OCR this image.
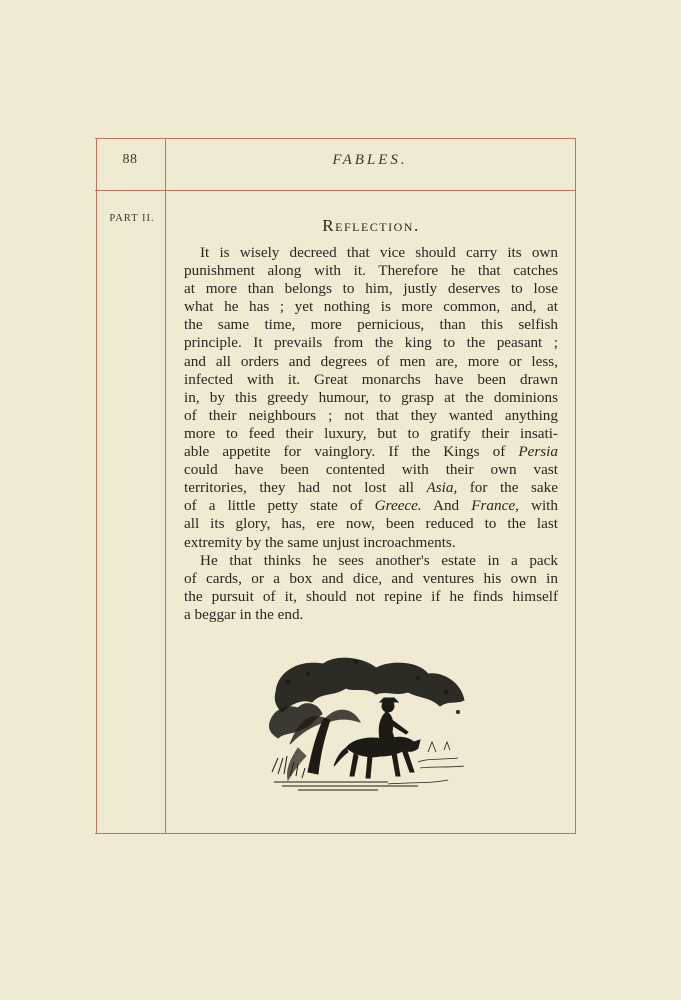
88	FABLES.
PART II.	Reflection.
It is wisely decreed that vice should carry its own
punishment along with it. Therefore he that catches
at more than belongs to him, justly deserves to lose
what he has ; yet nothing is more common, and, at
the same time, more pernicious, than this selfish
principle. It prevails from the king to the peasant ;
and all orders and degrees of men are, more or less,
infected with it. Great monarchs have been drawn
in, by this greedy humour, to grasp at the dominions
of their neighbours ; not that they wanted anything
more to feed their luxury, but to gratify their insati-
able appetite for vainglory. If the Kings of Persia
could have been contented with their own vast
territories, they had not lost all Asia, for the sake
of a little petty state of Greece. And France, with
all its glory, has, ere now, been reduced to the last
extremity by the same unjust incroachments.
He that thinks he sees another's estate in a pack
of cards, or a box and dice, and ventures his own in
the pursuit of it, should not repine if he finds himself
a beggar in the end.
